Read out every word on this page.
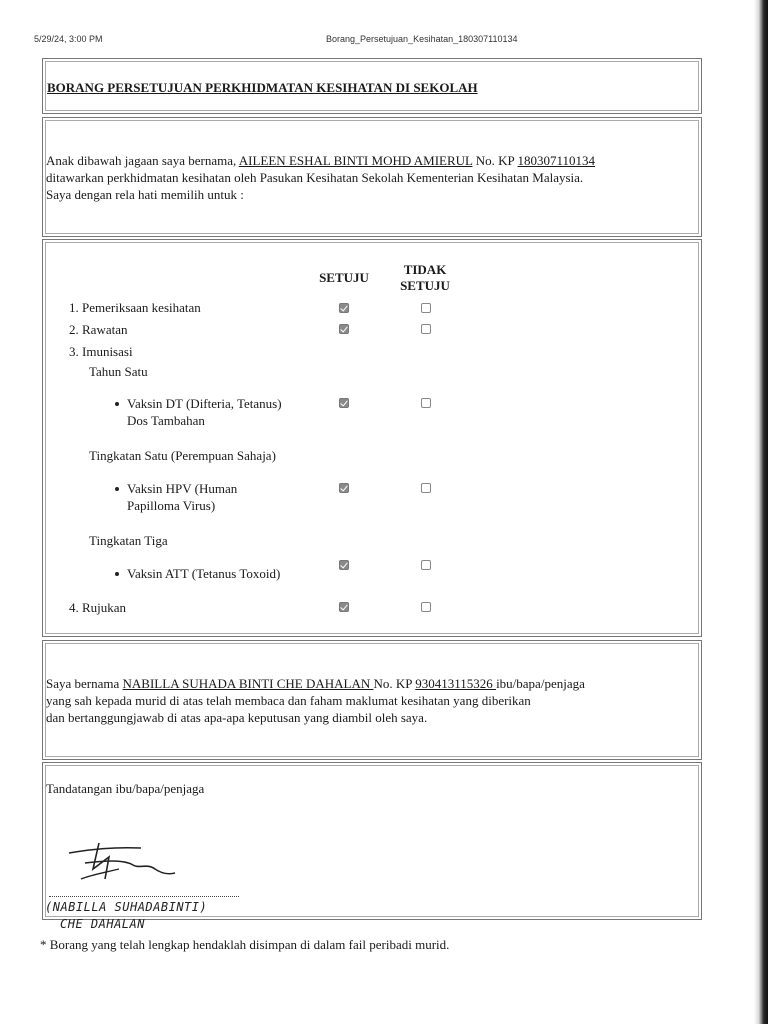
5/29/24, 3:00 PM	Borang_Persetujuan_Kesihatan_180307110134
BORANG PERSETUJUAN PERKHIDMATAN KESIHATAN DI SEKOLAH
Anak dibawah jagaan saya bernama, AILEEN ESHAL BINTI MOHD AMIERUL No. KP 180307110134
ditawarkan perkhidmatan kesihatan oleh Pasukan Kesihatan Sekolah Kementerian Kesihatan Malaysia.
Saya dengan rela hati memilih untuk :
SETUJU
TIDAK
SETUJU
1. Pemeriksaan kesihatan
2. Rawatan
3. Imunisasi
Tahun Satu
Vaksin DT (Difteria, Tetanus)
Dos Tambahan
Tingkatan Satu (Perempuan Sahaja)
Vaksin HPV (Human
Papilloma Virus)
Tingkatan Tiga
Vaksin ATT (Tetanus Toxoid)
4. Rujukan
Saya bernama NABILLA SUHADA BINTI CHE DAHALAN No. KP 930413115326 ibu/bapa/penjaga
yang sah kepada murid di atas telah membaca dan faham maklumat kesihatan yang diberikan
dan bertanggungjawab di atas apa-apa keputusan yang diambil oleh saya.
Tandatangan ibu/bapa/penjaga
(NABILLA SUHADABINTI)
CHE DAHALAN
* Borang yang telah lengkap hendaklah disimpan di dalam fail peribadi murid.
